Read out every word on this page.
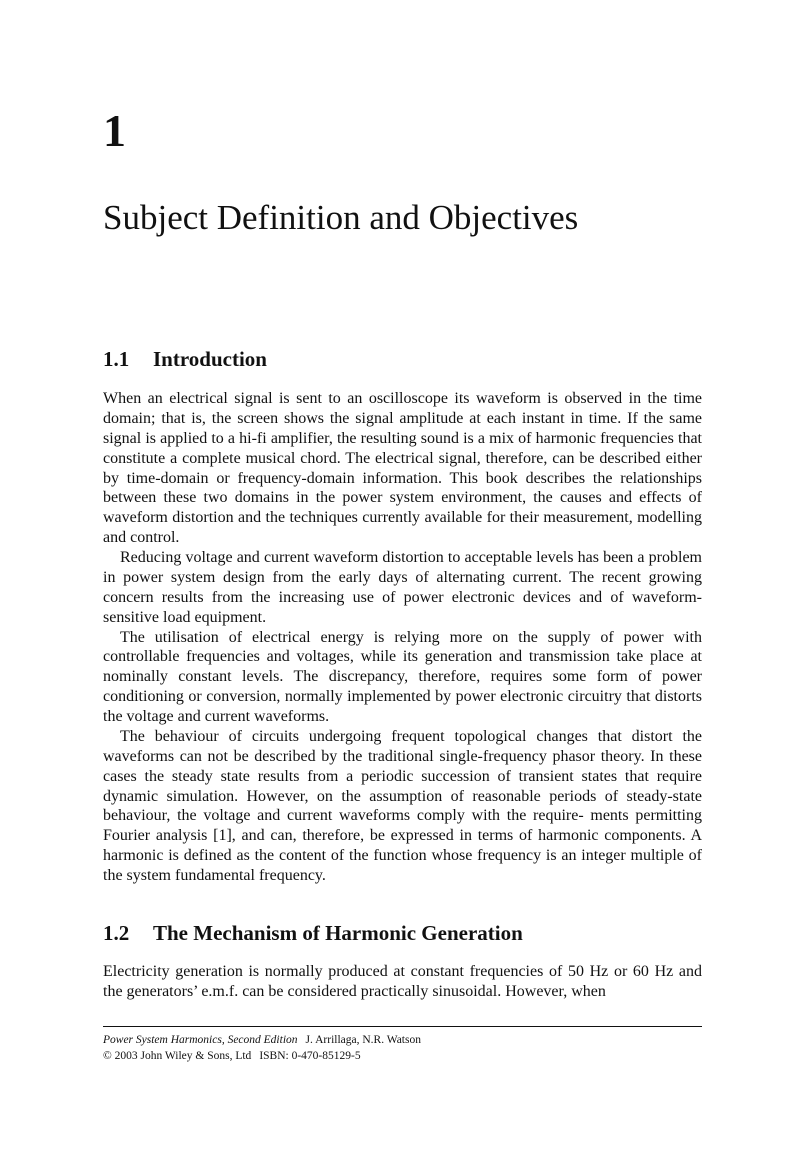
1
Subject Definition and Objectives
1.1 Introduction

When an electrical signal is sent to an oscilloscope its waveform is observed in the time domain; that is, the screen shows the signal amplitude at each instant in time. If the same signal is applied to a hi-fi amplifier, the resulting sound is a mix of harmonic frequencies that constitute a complete musical chord. The electrical signal, therefore, can be described either by time-domain or frequency-domain information. This book describes the relationships between these two domains in the power system environment, the causes and effects of waveform distortion and the techniques currently available for their measurement, modelling and control.

Reducing voltage and current waveform distortion to acceptable levels has been a problem in power system design from the early days of alternating current. The recent growing concern results from the increasing use of power electronic devices and of waveform-sensitive load equipment.

The utilisation of electrical energy is relying more on the supply of power with controllable frequencies and voltages, while its generation and transmission take place at nominally constant levels. The discrepancy, therefore, requires some form of power conditioning or conversion, normally implemented by power electronic circuitry that distorts the voltage and current waveforms.

The behaviour of circuits undergoing frequent topological changes that distort the waveforms can not be described by the traditional single-frequency phasor theory. In these cases the steady state results from a periodic succession of transient states that require dynamic simulation. However, on the assumption of reasonable periods of steady-state behaviour, the voltage and current waveforms comply with the require- ments permitting Fourier analysis [1], and can, therefore, be expressed in terms of harmonic components. A harmonic is defined as the content of the function whose frequency is an integer multiple of the system fundamental frequency.

1.2 The Mechanism of Harmonic Generation

Electricity generation is normally produced at constant frequencies of 50 Hz or 60 Hz and the generators’ e.m.f. can be considered practically sinusoidal. However, when

Power System Harmonics, Second Edition J. Arrillaga, N.R. Watson
© 2003 John Wiley & Sons, Ltd ISBN: 0-470-85129-5
